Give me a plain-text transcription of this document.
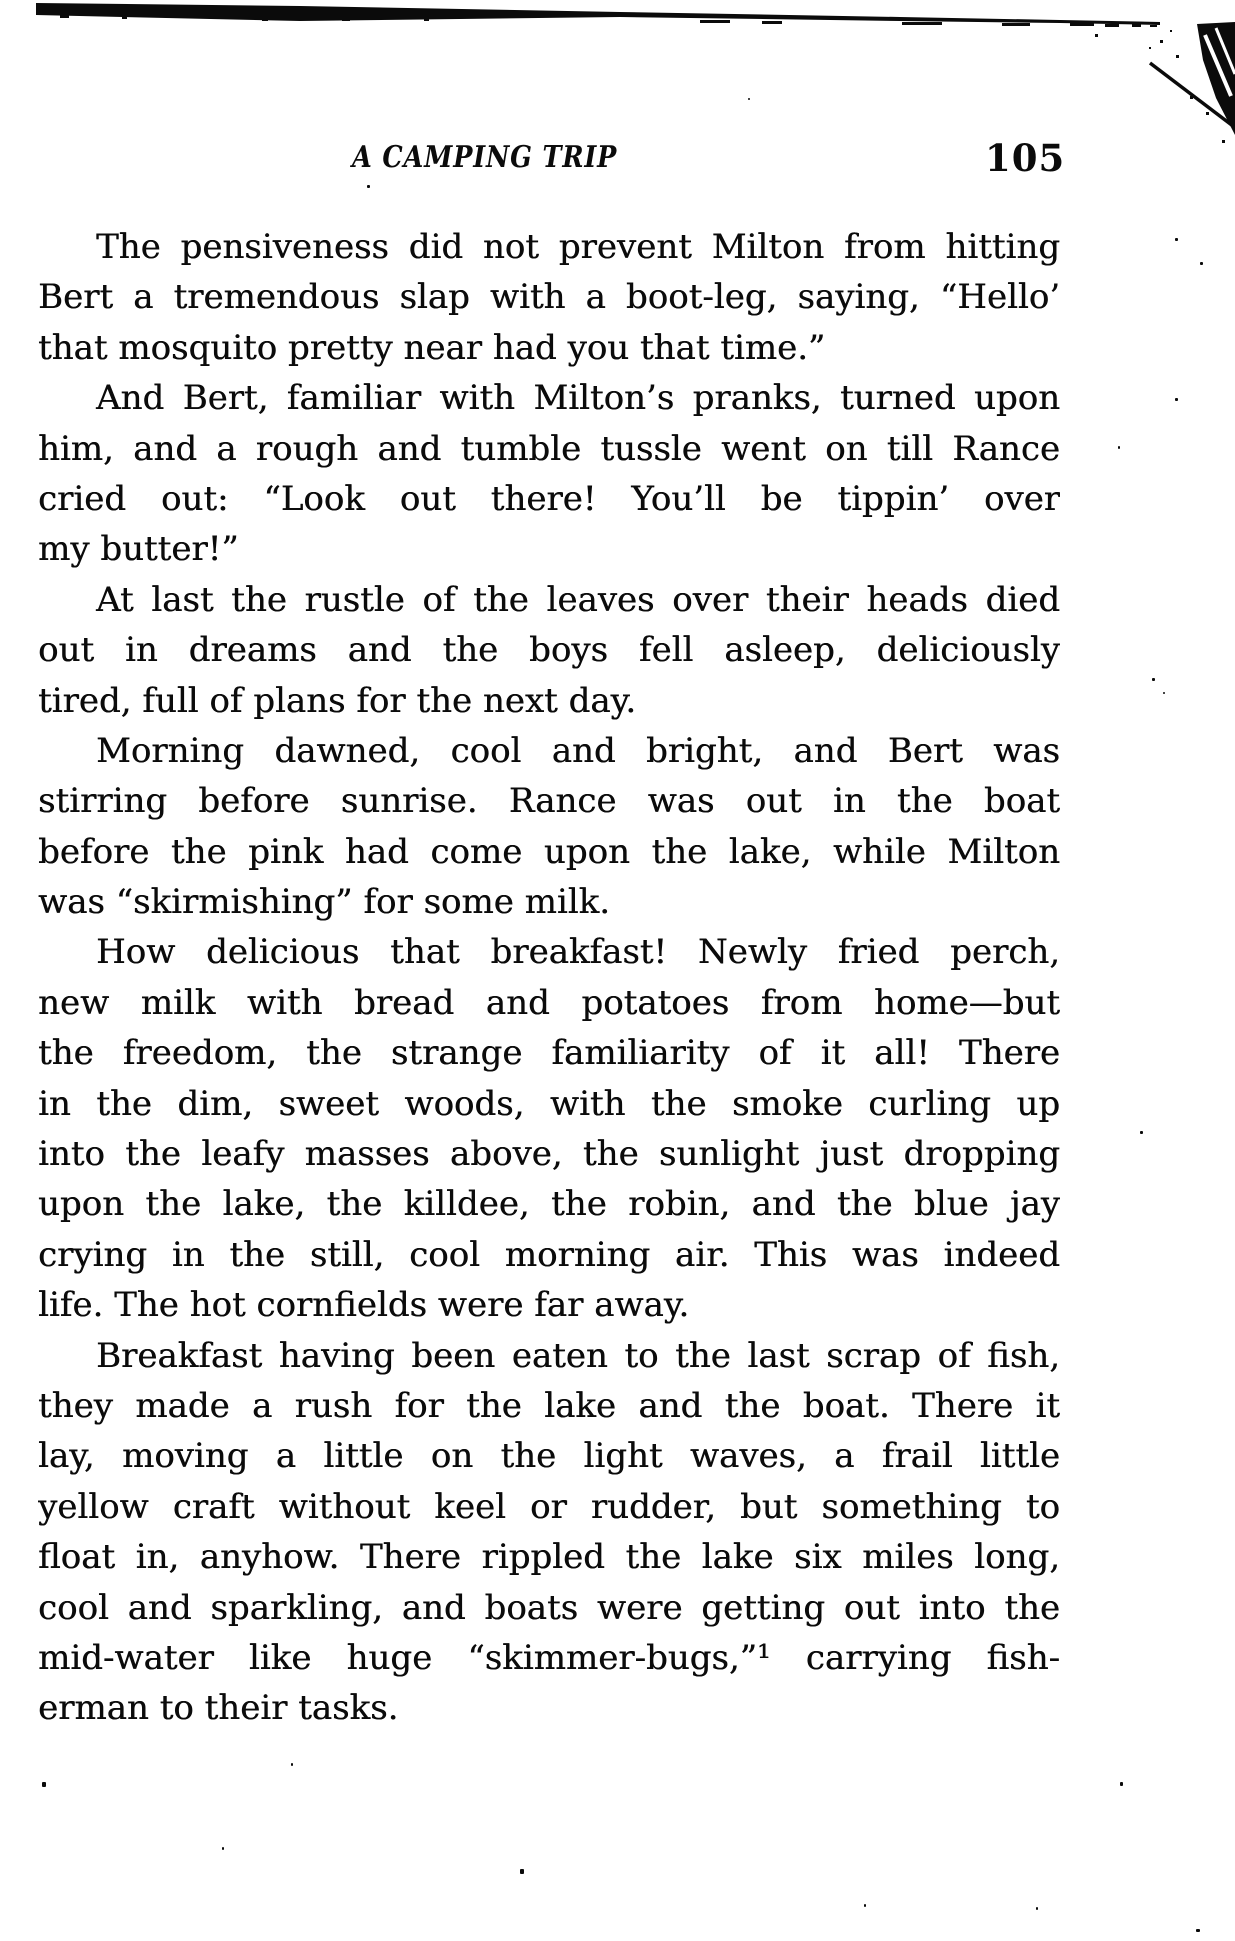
A CAMPING TRIP	105
The pensiveness did not prevent Milton from hitting
Bert a tremendous slap with a boot-leg, saying, “Hello’
that mosquito pretty near had you that time.”
And Bert, familiar with Milton’s pranks, turned upon
him, and a rough and tumble tussle went on till Rance
cried out: “Look out there! You’ll be tippin’ over
my butter!”
At last the rustle of the leaves over their heads died
out in dreams and the boys fell asleep, deliciously
tired, full of plans for the next day.
Morning dawned, cool and bright, and Bert was
stirring before sunrise. Rance was out in the boat
before the pink had come upon the lake, while Milton
was “skirmishing” for some milk.
How delicious that breakfast! Newly fried perch,
new milk with bread and potatoes from home—but
the freedom, the strange familiarity of it all! There
in the dim, sweet woods, with the smoke curling up
into the leafy masses above, the sunlight just dropping
upon the lake, the killdee, the robin, and the blue jay
crying in the still, cool morning air. This was indeed
life. The hot cornfields were far away.
Breakfast having been eaten to the last scrap of fish,
they made a rush for the lake and the boat. There it
lay, moving a little on the light waves, a frail little
yellow craft without keel or rudder, but something to
float in, anyhow. There rippled the lake six miles long,
cool and sparkling, and boats were getting out into the
mid-water like huge “skimmer-bugs,”¹ carrying fish-
erman to their tasks.
